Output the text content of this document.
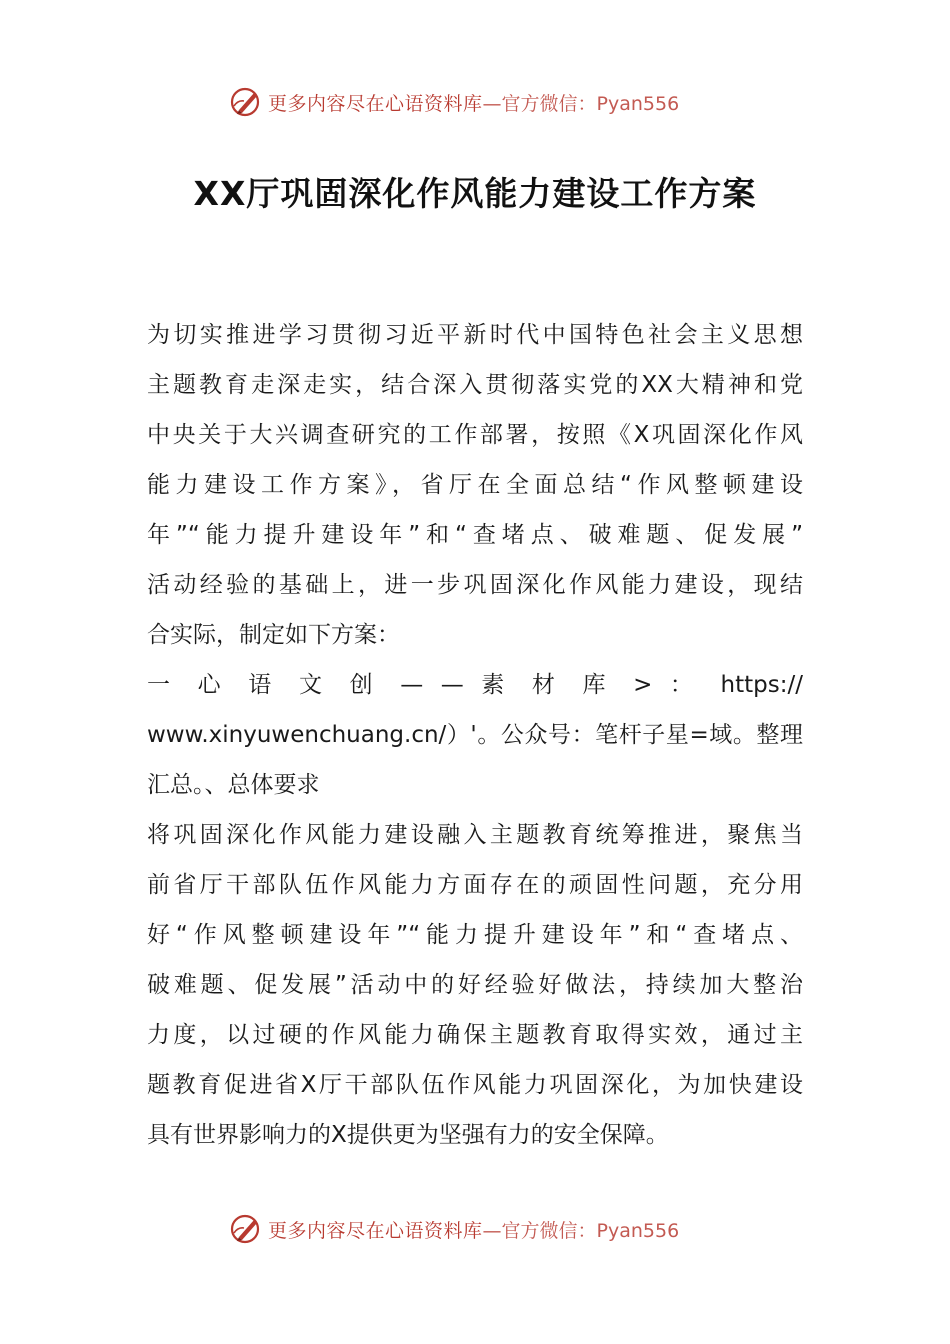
更多内容尽在心语资料库 —官方微信：Pyan556
XX厅巩固深化作风能力建设工作方案
为切实推进学习贯彻习近平新时代中国特色社会主义思想
主题教育走深走实，结合深入贯彻落实党的XX大精神和党
中央关于大兴调查研究的工作部署，按照《X巩固深化作风
能力建设工作方案》，省厅在全面总结“作风整顿建设
年”“能力提升建设年”和“查堵点、破难题、促发展”
活动经验的基础上，进一步巩固深化作风能力建设，现结
合实际，制定如下方案：
一 心 语 文 创 — — 素 材 库 > ： https://
www.xinyuwenchuang.cn/）'。公众号：笔杆子星=域。整理
汇总。、总体要求
将巩固深化作风能力建设融入主题教育统筹推进，聚焦当
前省厅干部队伍作风能力方面存在的顽固性问题，充分用
好“作风整顿建设年”“能力提升建设年”和“查堵点、
破难题、促发展”活动中的好经验好做法，持续加大整治
力度，以过硬的作风能力确保主题教育取得实效，通过主
题教育促进省X厅干部队伍作风能力巩固深化，为加快建设
具有世界影响力的X提供更为坚强有力的安全保障。
更多内容尽在心语资料库 —官方微信：Pyan556
